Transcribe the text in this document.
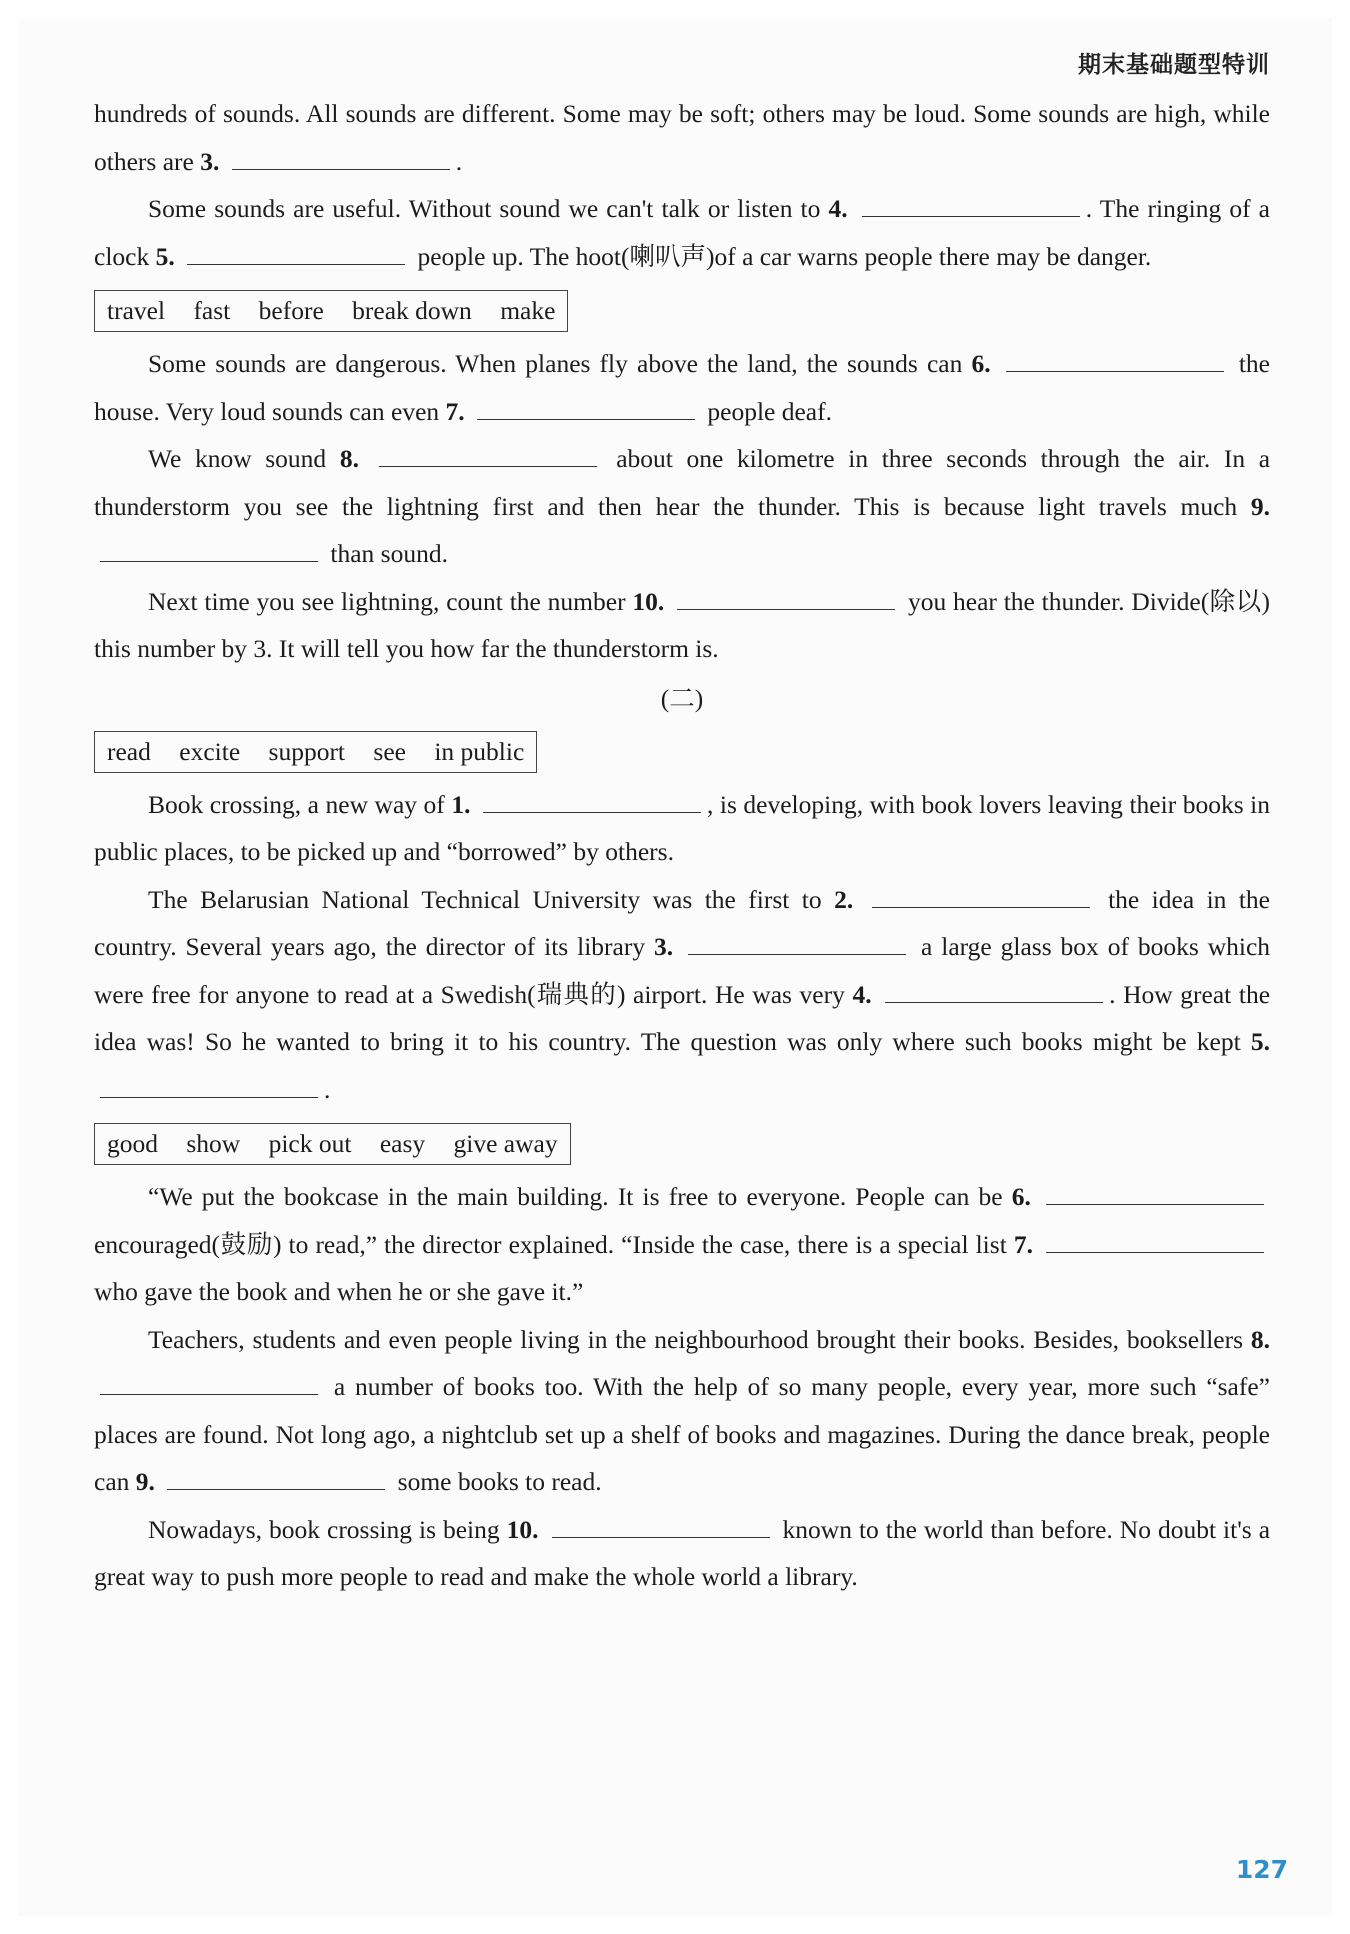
期末基础题型特训

hundreds of sounds. All sounds are different. Some may be soft; others may be loud. Some sounds are high, while others are 3.	.

Some sounds are useful. Without sound we can't talk or listen to 4.	. The ringing of a clock 5.	people up. The hoot(喇叭声)of a car warns people there may be danger.

travel fast before break down make

Some sounds are dangerous. When planes fly above the land, the sounds can 6.	the house. Very loud sounds can even 7.	people deaf.

We know sound 8.	about one kilometre in three seconds through the air. In a thunderstorm you see the lightning first and then hear the thunder. This is because light travels much 9.  than sound.

Next time you see lightning, count the number 10.	you hear the thunder. Divide(除以) this number by 3. It will tell you how far the thunderstorm is.

(二)

read excite support see in public

Book crossing, a new way of 1.	, is developing, with book lovers leaving their books in public places, to be picked up and “borrowed” by others.

The Belarusian National Technical University was the first to 2.	the idea in the country. Several years ago, the director of its library 3.	a large glass box of books which were free for anyone to read at a Swedish(瑞典的) airport. He was very 4.	. How great the idea was! So he wanted to bring it to his country. The question was only where such books might be kept 5. .

good show pick out easy give away

“We put the bookcase in the main building. It is free to everyone. People can be 6.  encouraged(鼓励) to read,” the director explained. “Inside the case, there is a special list 7.  who gave the book and when he or she gave it.”

Teachers, students and even people living in the neighbourhood brought their books. Besides, booksellers 8.  a number of books too. With the help of so many people, every year, more such “safe” places are found. Not long ago, a nightclub set up a shelf of books and magazines. During the dance break, people can 9.	some books to read.

Nowadays, book crossing is being 10.	known to the world than before. No doubt it's a great way to push more people to read and make the whole world a library.

127
